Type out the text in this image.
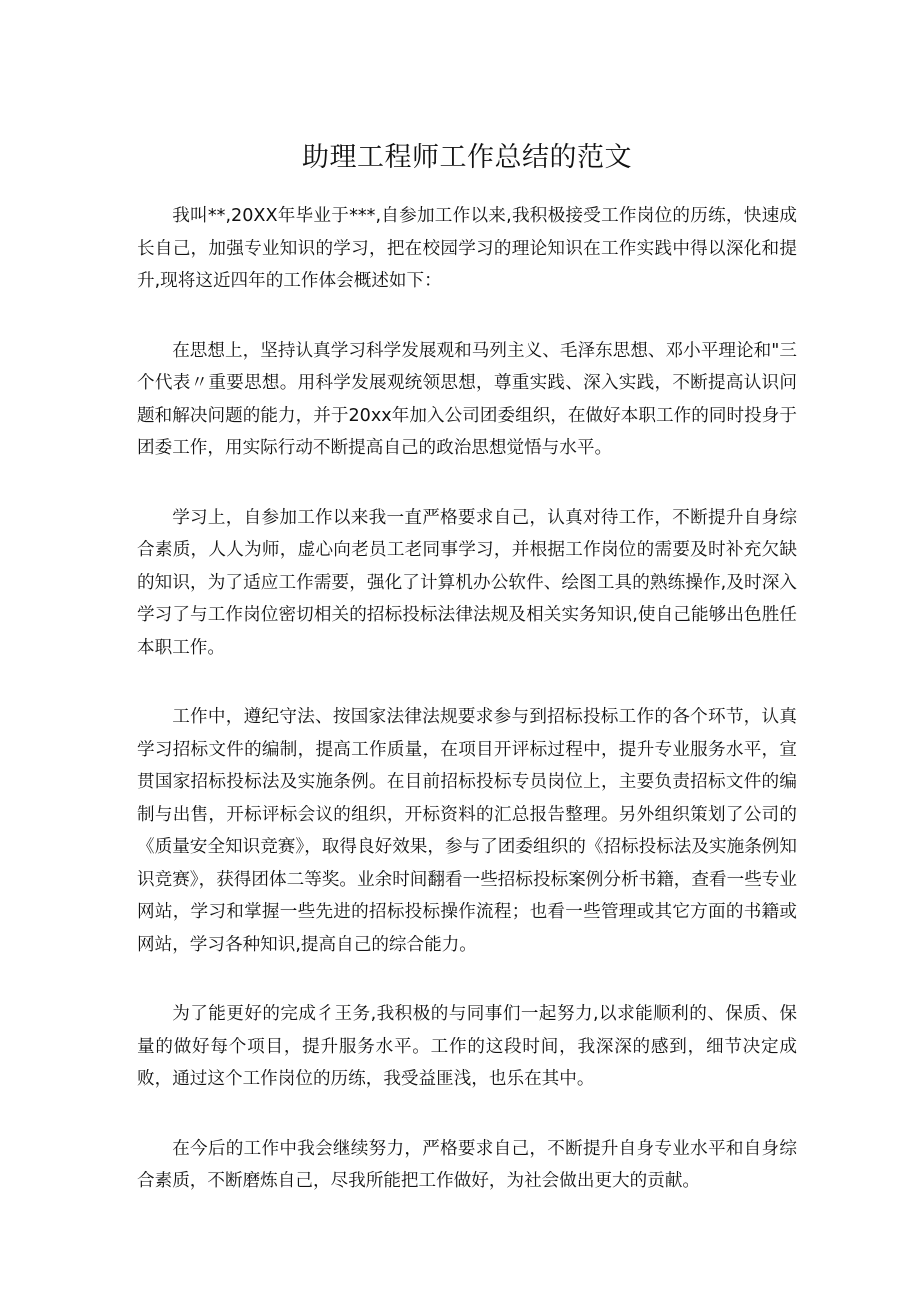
助理工程师工作总结的范文

我叫**,20XX年毕业于***,自参加工作以来,我积极接受工作岗位的历练，快速成长自己，加强专业知识的学习，把在校园学习的理论知识在工作实践中得以深化和提升,现将这近四年的工作体会概述如下：

在思想上，坚持认真学习科学发展观和马列主义、毛泽东思想、邓小平理论和"三个代表〃重要思想。用科学发展观统领思想，尊重实践、深入实践，不断提高认识问题和解决问题的能力，并于20xx年加入公司团委组织，在做好本职工作的同时投身于团委工作，用实际行动不断提高自己的政治思想觉悟与水平。

学习上，自参加工作以来我一直严格要求自己，认真对待工作，不断提升自身综合素质，人人为师，虚心向老员工老同事学习，并根据工作岗位的需要及时补充欠缺的知识，为了适应工作需要，强化了计算机办公软件、绘图工具的熟练操作,及时深入学习了与工作岗位密切相关的招标投标法律法规及相关实务知识,使自己能够出色胜任本职工作。

工作中，遵纪守法、按国家法律法规要求参与到招标投标工作的各个环节，认真学习招标文件的编制，提高工作质量，在项目开评标过程中，提升专业服务水平，宣贯国家招标投标法及实施条例。在目前招标投标专员岗位上，主要负责招标文件的编制与出售，开标评标会议的组织，开标资料的汇总报告整理。另外组织策划了公司的《质量安全知识竞赛》，取得良好效果，参与了团委组织的《招标投标法及实施条例知识竞赛》，获得团体二等奖。业余时间翻看一些招标投标案例分析书籍，查看一些专业网站，学习和掌握一些先进的招标投标操作流程；也看一些管理或其它方面的书籍或网站，学习各种知识,提高自己的综合能力。

为了能更好的完成彳王务,我积极的与同事们一起努力,以求能顺利的、保质、保量的做好每个项目，提升服务水平。工作的这段时间，我深深的感到，细节决定成败，通过这个工作岗位的历练，我受益匪浅，也乐在其中。

在今后的工作中我会继续努力，严格要求自己，不断提升自身专业水平和自身综合素质，不断磨炼自己，尽我所能把工作做好，为社会做出更大的贡献。
